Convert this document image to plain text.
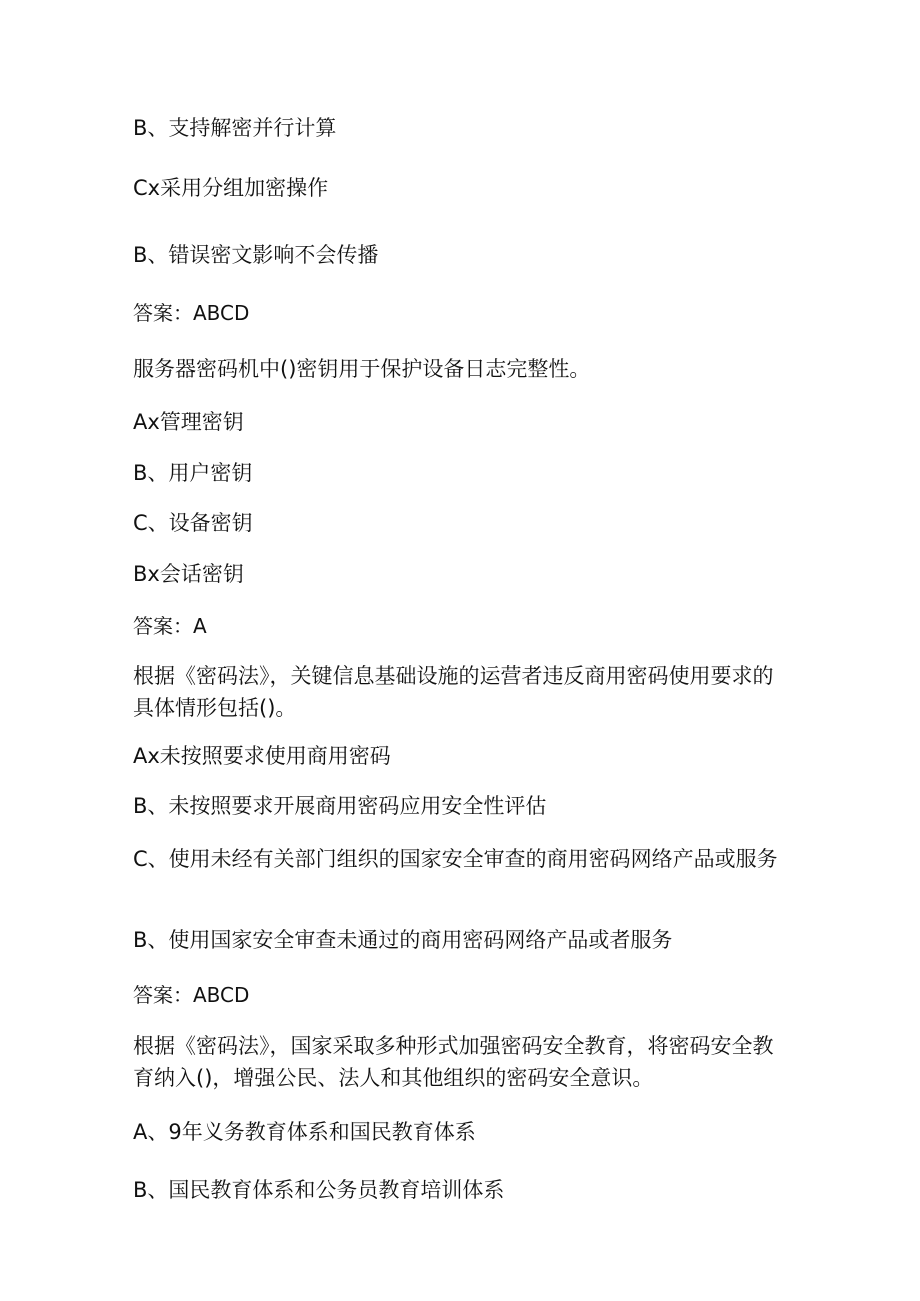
B、支持解密并行计算
Cx采用分组加密操作
B、错误密文影响不会传播
答案：ABCD
服务器密码机中()密钥用于保护设备日志完整性。
Ax管理密钥
B、用户密钥
C、设备密钥
Bx会话密钥
答案：A
根据《密码法》，关键信息基础设施的运营者违反商用密码使用要求的具体情形包括()。
Ax未按照要求使用商用密码
B、未按照要求开展商用密码应用安全性评估
C、使用未经有关部门组织的国家安全审查的商用密码网络产品或服务
B、使用国家安全审查未通过的商用密码网络产品或者服务
答案：ABCD
根据《密码法》，国家采取多种形式加强密码安全教育，将密码安全教育纳入()，增强公民、法人和其他组织的密码安全意识。
A、9年义务教育体系和国民教育体系
B、国民教育体系和公务员教育培训体系
